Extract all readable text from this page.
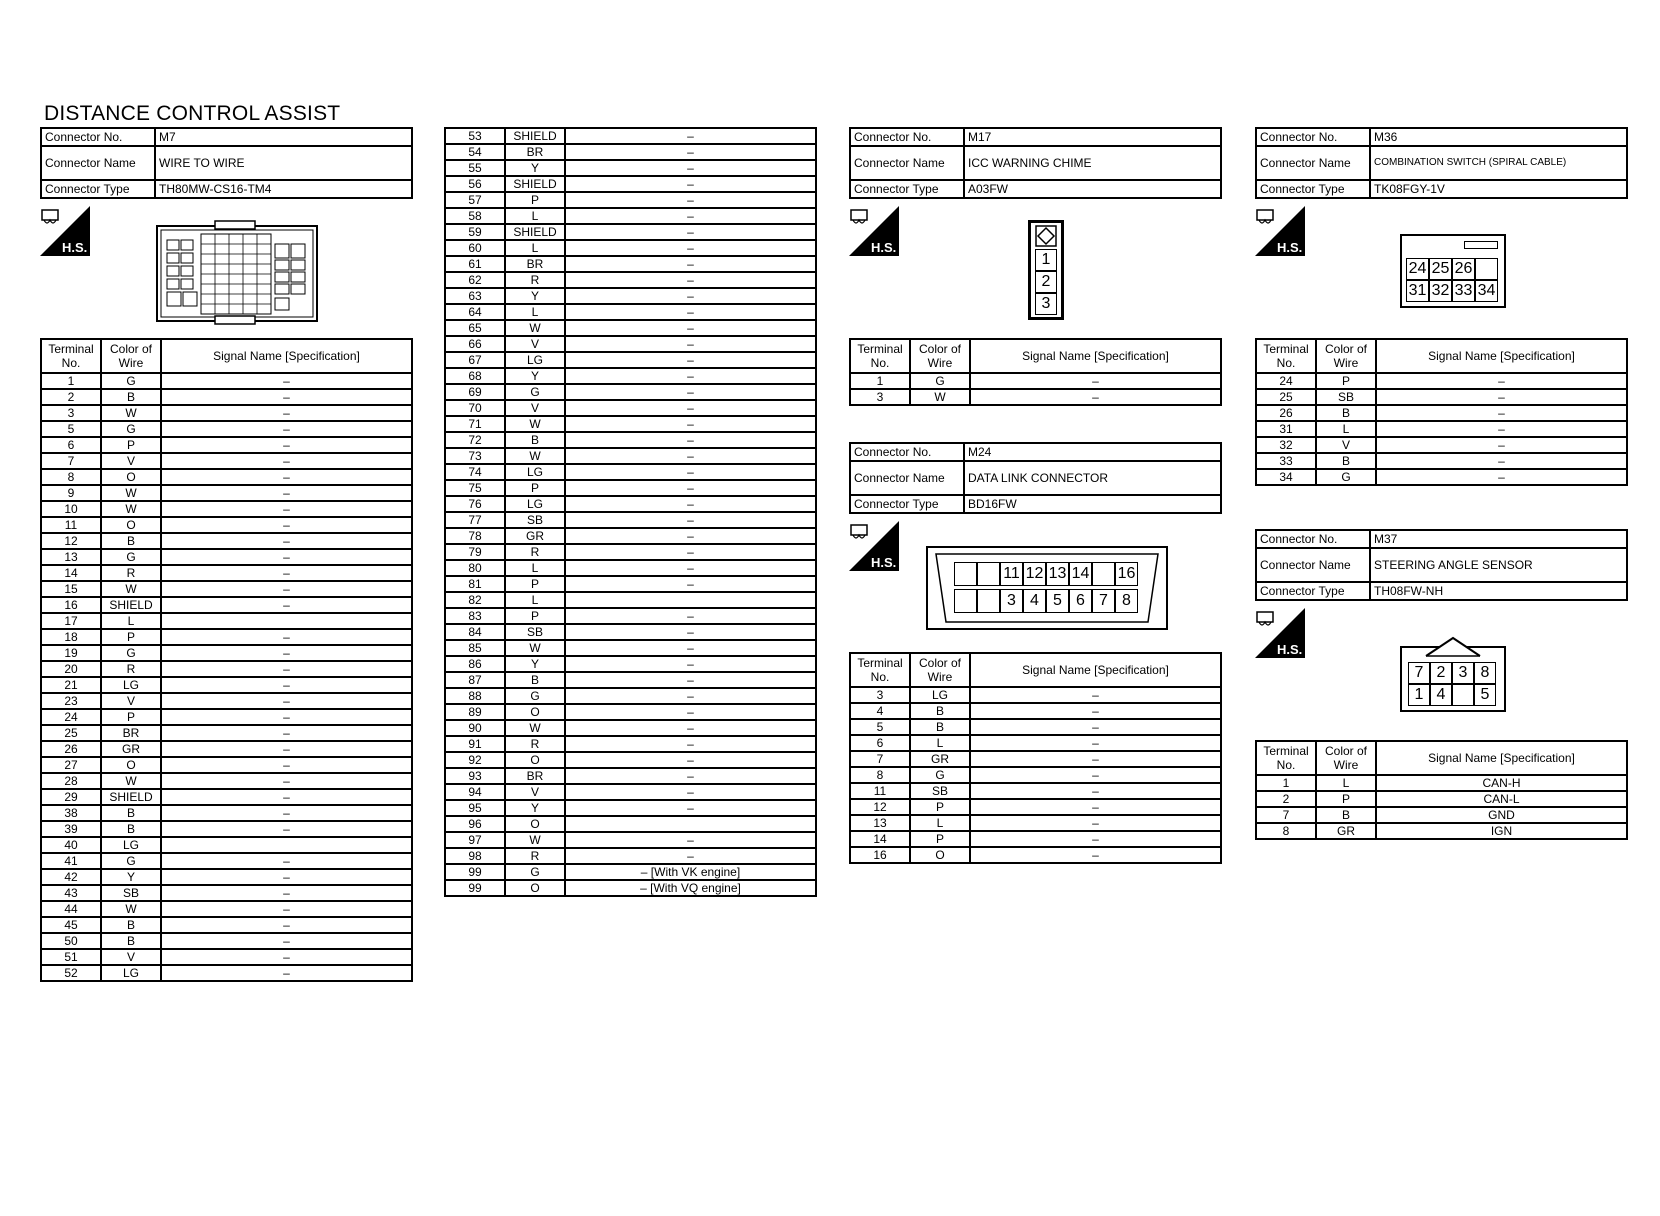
DISTANCE CONTROL ASSIST
Connector No.	M7
Connector Name	WIRE TO WIRE
Connector Type	TH80MW-CS16-TM4
H.S.
Terminal No.	Color of Wire	Signal Name [Specification]
1	G	–
2	B	–
3	W	–
5	G	–
6	P	–
7	V	–
8	O	–
9	W	–
10	W	–
11	O	–
12	B	–
13	G	–
14	R	–
15	W	–
16	SHIELD	–
17	L	
18	P	–
19	G	–
20	R	–
21	LG	–
23	V	–
24	P	–
25	BR	–
26	GR	–
27	O	–
28	W	–
29	SHIELD	–
38	B	–
39	B	–
40	LG	
41	G	–
42	Y	–
43	SB	–
44	W	–
45	B	–
50	B	–
51	V	–
52	LG	–
53	SHIELD	–
54	BR	–
55	Y	–
56	SHIELD	–
57	P	–
58	L	–
59	SHIELD	–
60	L	–
61	BR	–
62	R	–
63	Y	–
64	L	–
65	W	–
66	V	–
67	LG	–
68	Y	–
69	G	–
70	V	–
71	W	–
72	B	–
73	W	–
74	LG	–
75	P	–
76	LG	–
77	SB	–
78	GR	–
79	R	–
80	L	–
81	P	–
82	L	
83	P	–
84	SB	–
85	W	–
86	Y	–
87	B	–
88	G	–
89	O	–
90	W	–
91	R	–
92	O	–
93	BR	–
94	V	–
95	Y	–
96	O	
97	W	–
98	R	–
99	G	– [With VK engine]
99	O	– [With VQ engine]
Connector No.	M17
Connector Name	ICC WARNING CHIME
Connector Type	A03FW
H.S.
1
2
3
Terminal No.	Color of Wire	Signal Name [Specification]
1	G	–
3	W	–
Connector No.	M24
Connector Name	DATA LINK CONNECTOR
Connector Type	BD16FW
H.S.
11 12 13 14 16
3 4 5 6 7 8
Terminal No.	Color of Wire	Signal Name [Specification]
3	LG	–
4	B	–
5	B	–
6	L	–
7	GR	–
8	G	–
11	SB	–
12	P	–
13	L	–
14	P	–
16	O	–
Connector No.	M36
Connector Name	COMBINATION SWITCH (SPIRAL CABLE)
Connector Type	TK08FGY-1V
H.S.
24 25 26
31 32 33 34
Terminal No.	Color of Wire	Signal Name [Specification]
24	P	–
25	SB	–
26	B	–
31	L	–
32	V	–
33	B	–
34	G	–
Connector No.	M37
Connector Name	STEERING ANGLE SENSOR
Connector Type	TH08FW-NH
H.S.
7 2 3 8
1 4	5
Terminal No.	Color of Wire	Signal Name [Specification]
1	L	CAN-H
2	P	CAN-L
7	B	GND
8	GR	IGN
